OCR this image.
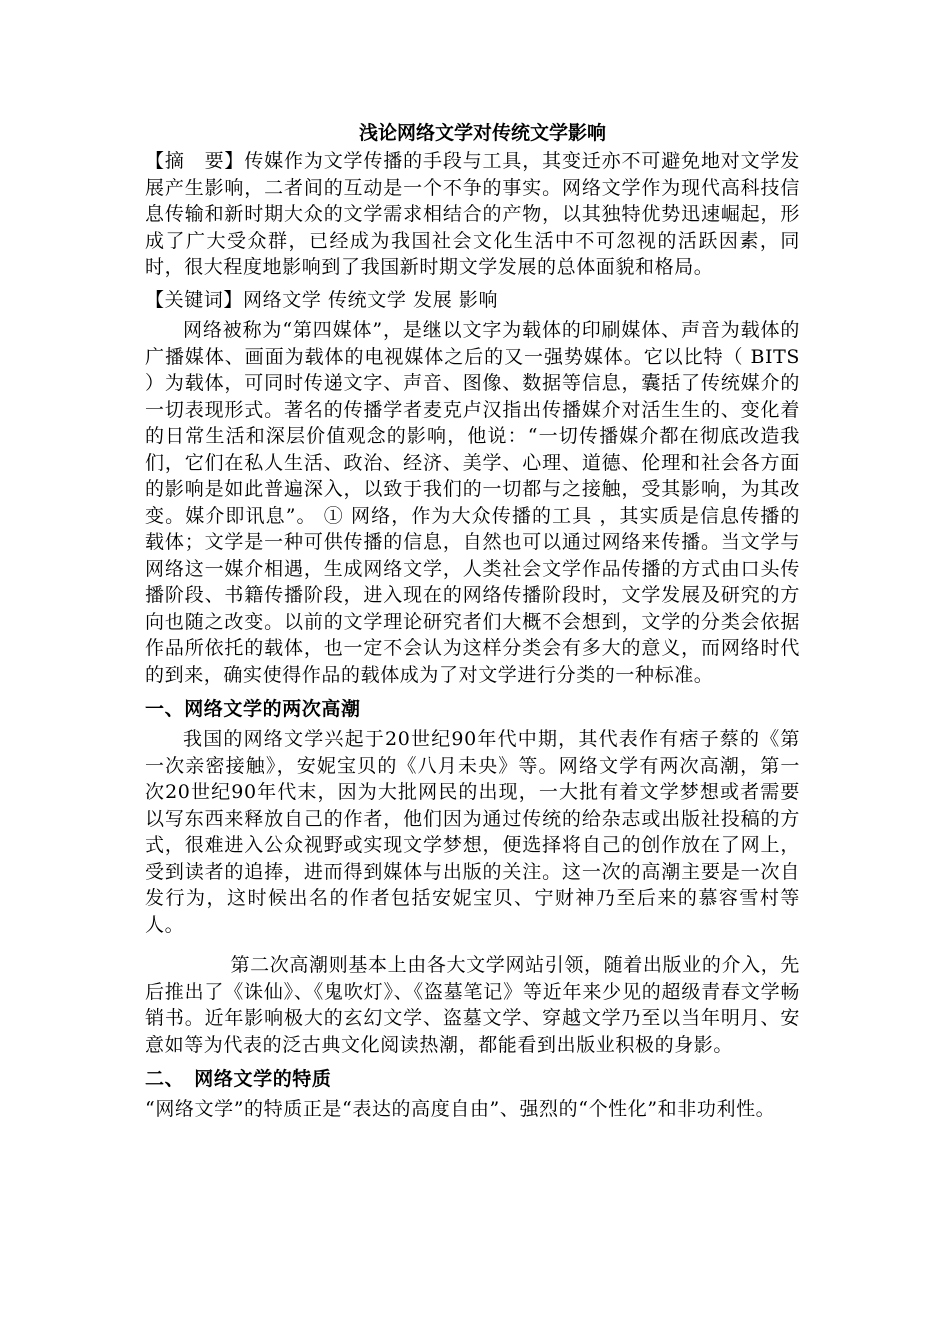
浅论网络文学对传统文学影响

【摘　要】传媒作为文学传播的手段与工具，其变迁亦不可避免地对文学发展产生影响，二者间的互动是一个不争的事实。网络文学作为现代高科技信息传输和新时期大众的文学需求相结合的产物，以其独特优势迅速崛起，形成了广大受众群，已经成为我国社会文化生活中不可忽视的活跃因素，同时，很大程度地影响到了我国新时期文学发展的总体面貌和格局。

【关键词】网络文学 传统文学 发展 影响

网络被称为“第四媒体”，是继以文字为载体的印刷媒体、声音为载体的广播媒体、画面为载体的电视媒体之后的又一强势媒体。它以比特（ BITS ）为载体，可同时传递文字、声音、图像、数据等信息，囊括了传统媒介的一切表现形式。著名的传播学者麦克卢汉指出传播媒介对活生生的、变化着的日常生活和深层价值观念的影响，他说：“一切传播媒介都在彻底改造我们，它们在私人生活、政治、经济、美学、心理、道德、伦理和社会各方面的影响是如此普遍深入，以致于我们的一切都与之接触，受其影响，为其改变。媒介即讯息”。 ① 网络，作为大众传播的工具 ，其实质是信息传播的载体；文学是一种可供传播的信息，自然也可以通过网络来传播。当文学与网络这一媒介相遇，生成网络文学，人类社会文学作品传播的方式由口头传播阶段、书籍传播阶段，进入现在的网络传播阶段时，文学发展及研究的方向也随之改变。以前的文学理论研究者们大概不会想到，文学的分类会依据作品所依托的载体，也一定不会认为这样分类会有多大的意义，而网络时代的到来，确实使得作品的载体成为了对文学进行分类的一种标准。

一、网络文学的两次高潮

我国的网络文学兴起于20世纪90年代中期，其代表作有痞子蔡的《第一次亲密接触》，安妮宝贝的《八月未央》等。网络文学有两次高潮，第一次20世纪90年代末，因为大批网民的出现，一大批有着文学梦想或者需要以写东西来释放自己的作者，他们因为通过传统的给杂志或出版社投稿的方式，很难进入公众视野或实现文学梦想，便选择将自己的创作放在了网上，受到读者的追捧，进而得到媒体与出版的关注。这一次的高潮主要是一次自发行为，这时候出名的作者包括安妮宝贝、宁财神乃至后来的慕容雪村等人。

第二次高潮则基本上由各大文学网站引领，随着出版业的介入，先后推出了《诛仙》、《鬼吹灯》、《盗墓笔记》等近年来少见的超级青春文学畅销书。近年影响极大的玄幻文学、盗墓文学、穿越文学乃至以当年明月、安意如等为代表的泛古典文化阅读热潮，都能看到出版业积极的身影。

二、　网络文学的特质

“网络文学”的特质正是“表达的高度自由”、强烈的“个性化”和非功利性。
